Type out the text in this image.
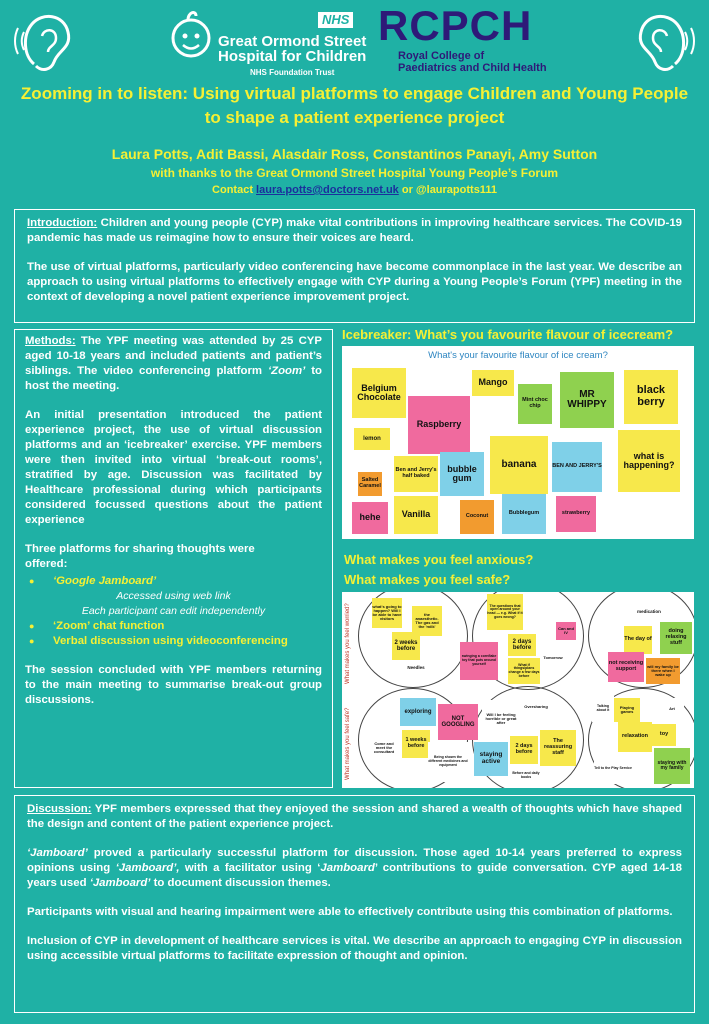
NHS
Great Ormond Street
Hospital for Children
NHS Foundation Trust
RCPCH
Royal College of
Paediatrics and Child Health
Zooming in to listen: Using virtual platforms to engage Children and Young People to shape a patient experience project
Laura Potts, Adit Bassi, Alasdair Ross, Constantinos Panayi, Amy Sutton
with thanks to the Great Ormond Street Hospital Young People’s Forum
Contact laura.potts@doctors.net.uk or @laurapotts111

Introduction: Children and young people (CYP) make vital contributions in improving healthcare services. The COVID-19 pandemic has made us reimagine how to ensure their voices are heard.

The use of virtual platforms, particularly video conferencing have become commonplace in the last year. We describe an approach to using virtual platforms to effectively engage with CYP during a Young People’s Forum (YPF) meeting in the context of developing a novel patient experience improvement project.

Methods: The YPF meeting was attended by 25 CYP aged 10-18 years and included patients and patient’s siblings. The video conferencing platform ‘Zoom’ to host the meeting.

An initial presentation introduced the patient experience project, the use of virtual discussion platforms and an ‘icebreaker’ exercise. YPF members were then invited into virtual ‘break-out rooms’, stratified by age. Discussion was facilitated by Healthcare professional during which participants considered focussed questions about the patient experience

Three platforms for sharing thoughts were offered:
● ‘Google Jamboard’
Accessed using web link
Each participant can edit independently
● ‘Zoom’ chat function
● Verbal discussion using videoconferencing

The session concluded with YPF members returning to the main meeting to summarise break-out group discussions.

Icebreaker: What’s you favourite flavour of icecream?
What's your favourite flavour of ice cream?
Belgium Chocolate
Raspberry
Mango
Mint choc chip
MR WHIPPY
black berry
lemon
Ben and Jerry's half baked
bubble gum
banana	BEN AND JERRY'S
what is happening?
Salted Caramel
hehe	Vanilla	Coconut	Bubblegum	strawberry
What makes you feel anxious?
What makes you feel safe?
What makes you feel worried?
What makes you feel safe?
what's going to happen? Will I be able to have visitors
the anaesthetic. The gas and the 'milk'
2 weeks before
The questions that open around your head — e.g. What if it goes wrong?
2 days before
Can and IV
Needles
swinging a cornflake toy that puts around yourself	What if things/plans change a few days before
Tomorrow
medication
The day of
doing relaxing stuff
not receiving support	will my family be there when I wake up
exploring
NOT GOOGLING
Will I be feeling horrible or great after
Oversharing
Come and meet the consultant
1 weeks before
staying active
2 days before
The reassuring staff
Being shown the different medicines and equipment
Before and daily books
Playing games
relaxation	toy
staying with my family
Talking about it
Tell to the Play Service
Art

Discussion: YPF members expressed that they enjoyed the session and shared a wealth of thoughts which have shaped the design and content of the patient experience project.

‘Jamboard’ proved a particularly successful platform for discussion. Those aged 10-14 years preferred to express opinions using ‘Jamboard’, with a facilitator using ‘Jamboard’ contributions to guide conversation. CYP aged 14-18 years used ‘Jamboard’ to document discussion themes.

Participants with visual and hearing impairment were able to effectively contribute using this combination of platforms.

Inclusion of CYP in development of healthcare services is vital. We describe an approach to engaging CYP in discussion using accessible virtual platforms to facilitate expression of thought and opinion.
